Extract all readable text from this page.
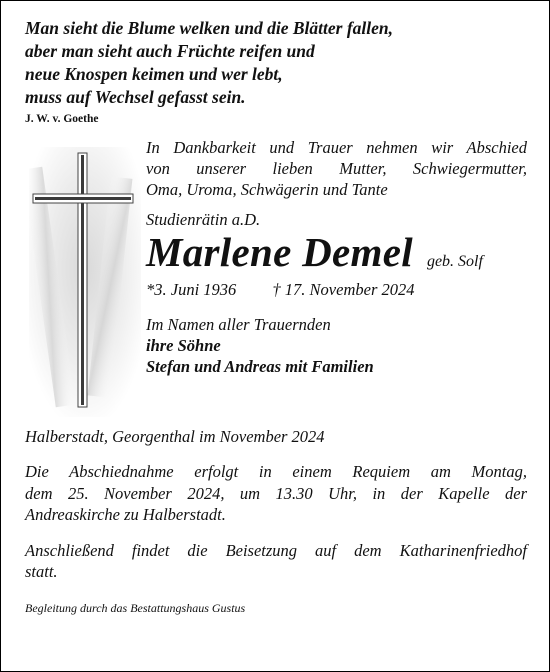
Man sieht die Blume welken und die Blätter fallen,
aber man sieht auch Früchte reifen und
neue Knospen keimen und wer lebt,
muss auf Wechsel gefasst sein.
J. W. v. Goethe
In Dankbarkeit und Trauer nehmen wir Abschied
von unserer lieben Mutter, Schwiegermutter,
Oma, Uroma, Schwägerin und Tante
Studienrätin a.D.
Marlene Demel geb. Solf
*3. Juni 1936 † 17. November 2024
Im Namen aller Trauernden
ihre Söhne
Stefan und Andreas mit Familien
Halberstadt, Georgenthal im November 2024
Die Abschiednahme erfolgt in einem Requiem am Montag,
dem 25. November 2024, um 13.30 Uhr, in der Kapelle der
Andreaskirche zu Halberstadt.
Anschließend findet die Beisetzung auf dem Katharinenfriedhof
statt.
Begleitung durch das Bestattungshaus Gustus
